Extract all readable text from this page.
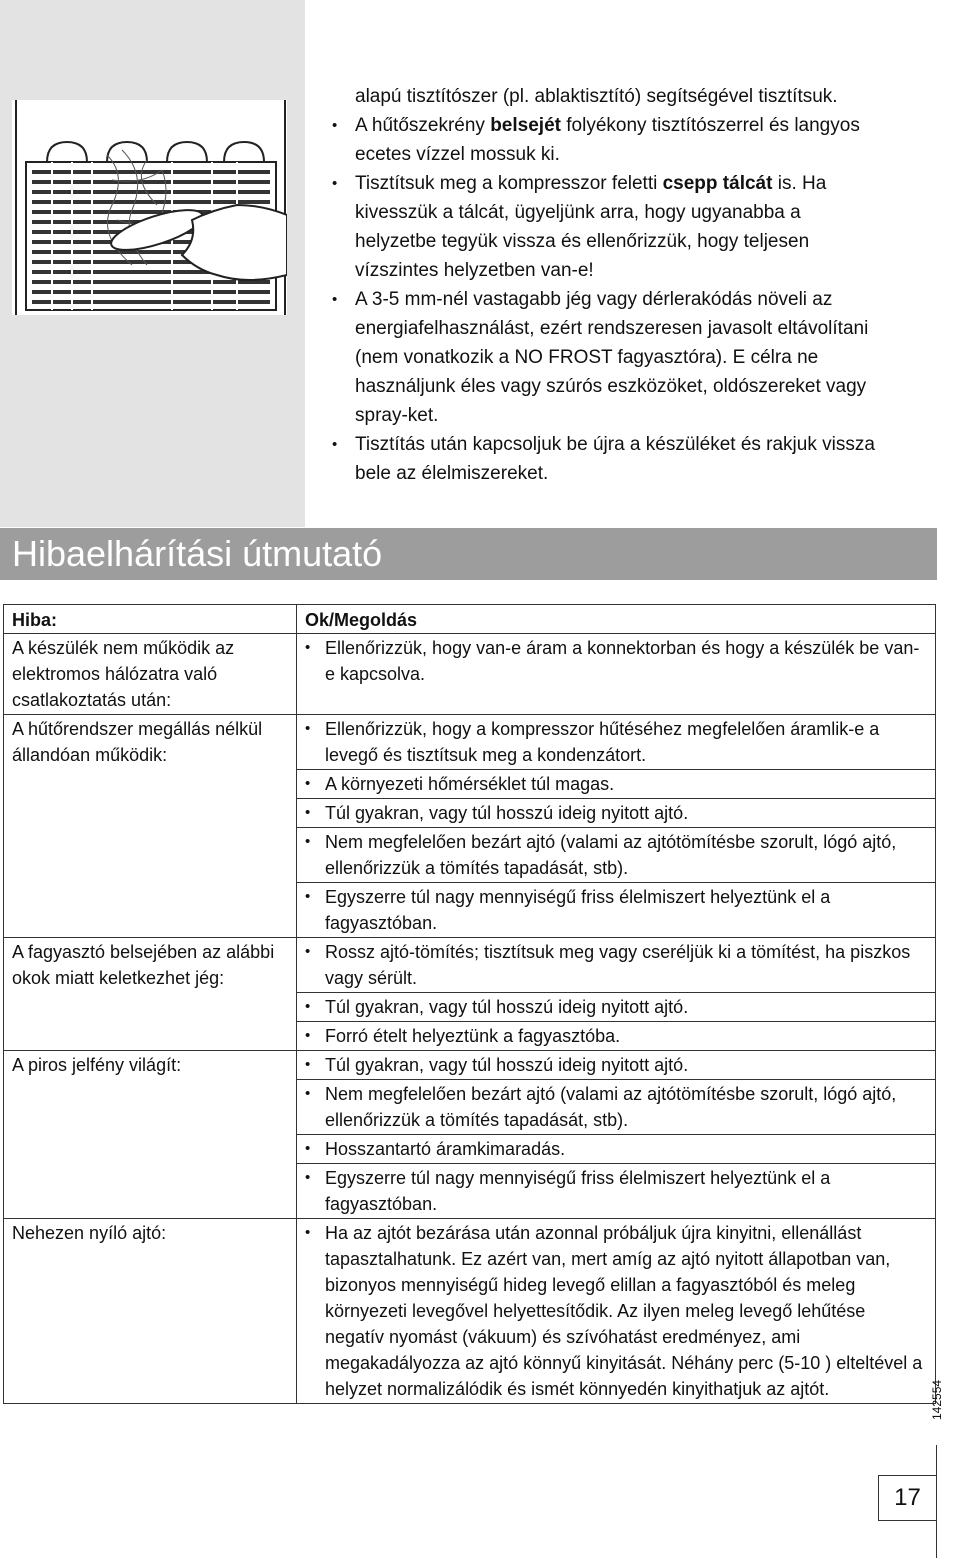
alapú tisztítószer (pl. ablaktisztító) segítségével tisztítsuk.
• A hűtőszekrény belsejét folyékony tisztítószerrel és langyos
ecetes vízzel mossuk ki.
• Tisztítsuk meg a kompresszor feletti csepp tálcát is. Ha
kivesszük a tálcát, ügyeljünk arra, hogy ugyanabba a
helyzetbe tegyük vissza és ellenőrizzük, hogy teljesen
vízszintes helyzetben van-e!
• A 3-5 mm-nél vastagabb jég vagy dérlerakódás növeli az
energiafelhasználást, ezért rendszeresen javasolt eltávolítani
(nem vonatkozik a NO FROST fagyasztóra). E célra ne
használjunk éles vagy szúrós eszközöket, oldószereket vagy
spray-ket.
• Tisztítás után kapcsoljuk be újra a készüléket és rakjuk vissza
bele az élelmiszereket.
Hibaelhárítási útmutató
Hiba:	Ok/Megoldás
A készülék nem működik az elektromos hálózatra való csatlakoztatás után:	• Ellenőrizzük, hogy van-e áram a konnektorban és hogy a készülék be van-e kapcsolva.

A hűtőrendszer megállás nélkül állandóan működik:	• Ellenőrizzük, hogy a kompresszor hűtéséhez megfelelően áramlik-e a levegő és tisztítsuk meg a kondenzátort.

	• A környezeti hőmérséklet túl magas.

	• Túl gyakran, vagy túl hosszú ideig nyitott ajtó.

	• Nem megfelelően bezárt ajtó (valami az ajtótömítésbe szorult, lógó ajtó, ellenőrizzük a tömítés tapadását, stb).

	• Egyszerre túl nagy mennyiségű friss élelmiszert helyeztünk el a fagyasztóban.

A fagyasztó belsejében az alábbi okok miatt keletkezhet jég:	• Rossz ajtó-tömítés; tisztítsuk meg vagy cseréljük ki a tömítést, ha piszkos vagy sérült.

	• Túl gyakran, vagy túl hosszú ideig nyitott ajtó.

	• Forró ételt helyeztünk a fagyasztóba.

A piros jelfény világít:	• Túl gyakran, vagy túl hosszú ideig nyitott ajtó.

	• Nem megfelelően bezárt ajtó (valami az ajtótömítésbe szorult, lógó ajtó, ellenőrizzük a tömítés tapadását, stb).

	• Hosszantartó áramkimaradás.

	• Egyszerre túl nagy mennyiségű friss élelmiszert helyeztünk el a fagyasztóban.

Nehezen nyíló ajtó:	• Ha az ajtót bezárása után azonnal próbáljuk újra kinyitni, ellenállást tapasztalhatunk. Ez azért van, mert amíg az ajtó nyitott állapotban van, bizonyos mennyiségű hideg levegő elillan a fagyasztóból és meleg környezeti levegővel helyettesítődik. Az ilyen meleg levegő lehűtése negatív nyomást (vákuum) és szívóhatást eredményez, ami megakadályozza az ajtó könnyű kinyitását. Néhány perc (5-10 ) elteltével a helyzet normalizálódik és ismét könnyedén kinyithatjuk az ajtót.	142554
17
